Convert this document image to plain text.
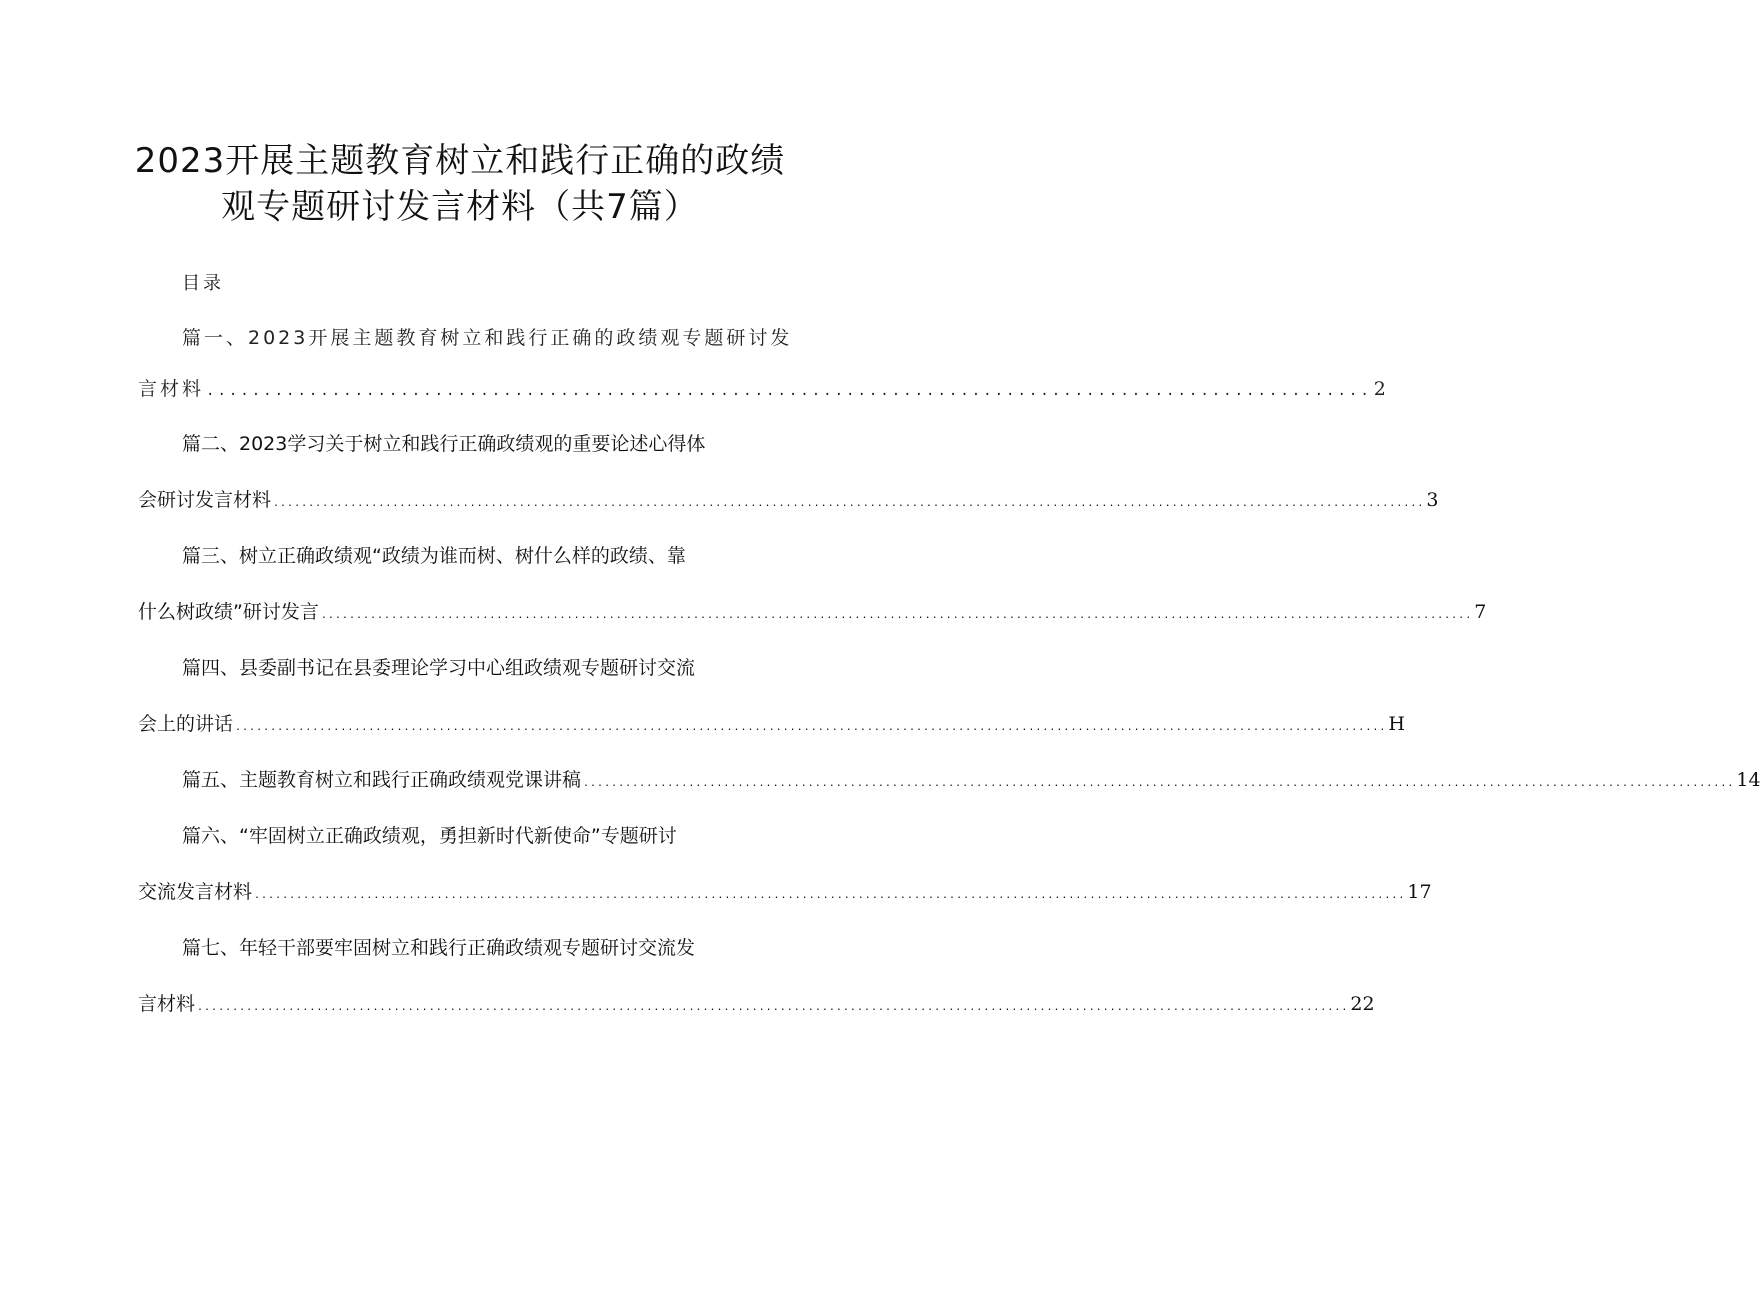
2023开展主题教育树立和践行正确的政绩
观专题研讨发言材料（共7篇）
目录
篇一、2023开展主题教育树立和践行正确的政绩观专题研讨发
言材料 ...................................................................................................... 2
篇二、2023学习关于树立和践行正确政绩观的重要论述心得体
会研讨发言材料 .................................................................................................................................................................... 3
篇三、树立正确政绩观“政绩为谁而树、树什么样的政绩、靠
什么树政绩”研讨发言 .................................................................................................................................................................... 7
篇四、县委副书记在县委理论学习中心组政绩观专题研讨交流
会上的讲话 .................................................................................................................................................................... H
篇五、主题教育树立和践行正确政绩观党课讲稿 .................................................................................................................................................................... 14
篇六、“牢固树立正确政绩观，勇担新时代新使命”专题研讨
交流发言材料 .................................................................................................................................................................... 17
篇七、年轻干部要牢固树立和践行正确政绩观专题研讨交流发
言材料 .................................................................................................................................................................... 22
